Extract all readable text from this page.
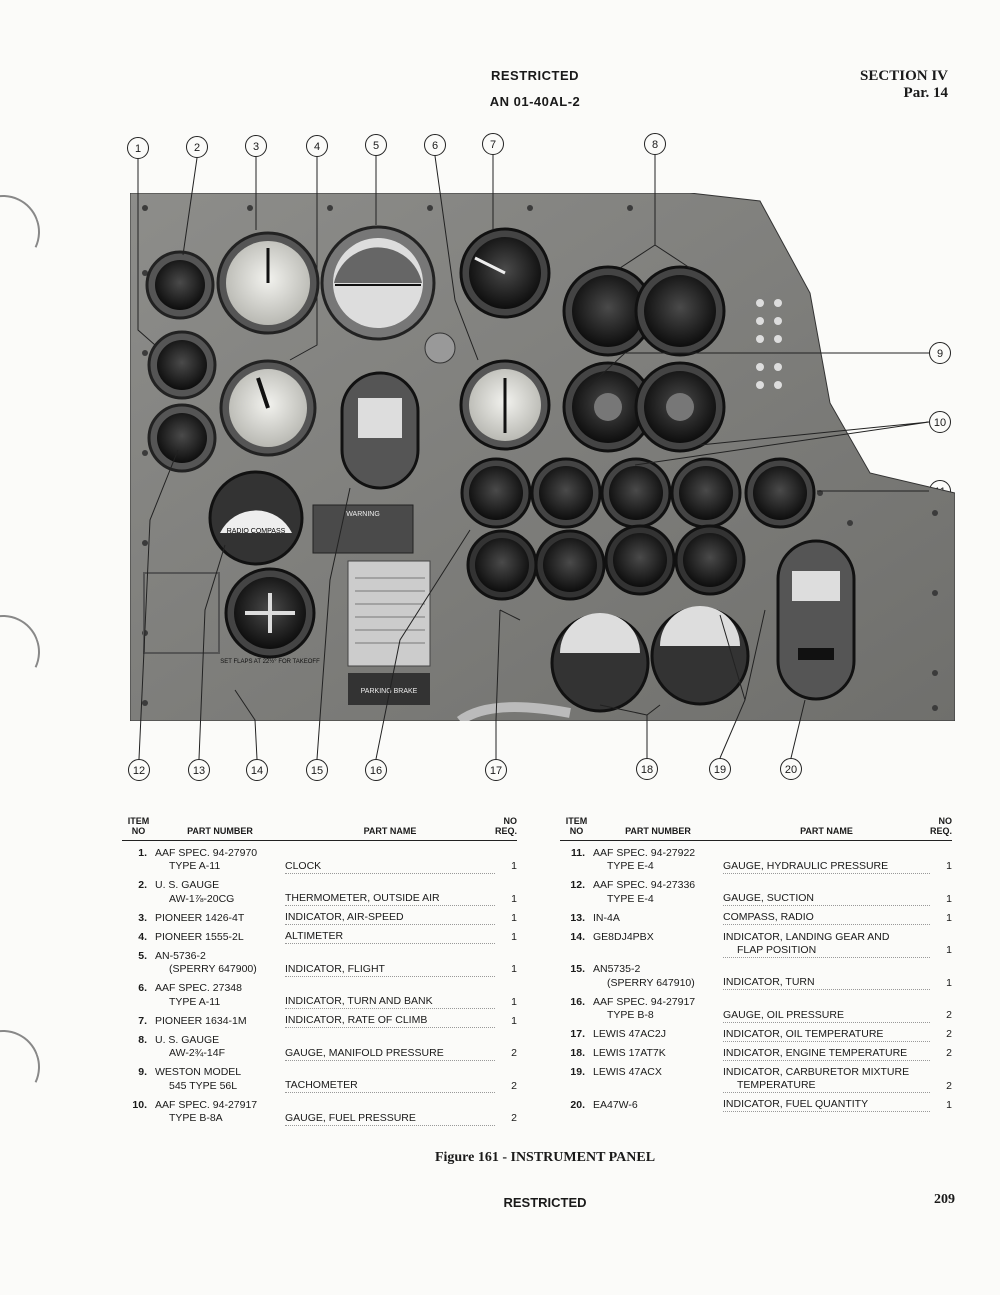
RESTRICTED
AN 01-40AL-2
SECTION IV
Par. 14
1	2	3	4	5	6	7	8
9
10
12	13	14	15	16	17	18	19	20
RADIO COMPASS
SET FLAPS AT 22½° FOR TAKEOFF
WARNING
PARKING BRAKE
ITEM NO	PART NUMBER	PART NAME	NO REQ.
1.	AAF SPEC. 94-27970		
	TYPE A-11	CLOCK	1
2.	U. S. GAUGE		
	AW-1⅞-20CG	THERMOMETER, OUTSIDE AIR	1
3.	PIONEER 1426-4T	INDICATOR, AIR-SPEED	1
4.	PIONEER 1555-2L	ALTIMETER	1
5.	AN-5736-2		
	(SPERRY 647900)	INDICATOR, FLIGHT	1
6.	AAF SPEC. 27348		
	TYPE A-11	INDICATOR, TURN AND BANK	1
7.	PIONEER 1634-1M	INDICATOR, RATE OF CLIMB	1
8.	U. S. GAUGE		
	AW-2¾-14F	GAUGE, MANIFOLD PRESSURE	2
9.	WESTON MODEL		
	545 TYPE 56L	TACHOMETER	2
10.	AAF SPEC. 94-27917		
	TYPE B-8A	GAUGE, FUEL PRESSURE	2
ITEM NO	PART NUMBER	PART NAME	NO REQ.
11.	AAF SPEC. 94-27922		
	TYPE E-4	GAUGE, HYDRAULIC PRESSURE	1
12.	AAF SPEC. 94-27336		
	TYPE E-4	GAUGE, SUCTION	1
13.	IN-4A	COMPASS, RADIO	1
14.	GE8DJ4PBX	INDICATOR, LANDING GEAR AND	
		FLAP POSITION	1
15.	AN5735-2		
	(SPERRY 647910)	INDICATOR, TURN	1
16.	AAF SPEC. 94-27917		
	TYPE B-8	GAUGE, OIL PRESSURE	2
17.	LEWIS 47AC2J	INDICATOR, OIL TEMPERATURE	2
18.	LEWIS 17AT7K	INDICATOR, ENGINE TEMPERATURE	2
19.	LEWIS 47ACX	INDICATOR, CARBURETOR MIXTURE	
		TEMPERATURE	2
20.	EA47W-6	INDICATOR, FUEL QUANTITY	1
Figure 161 - INSTRUMENT PANEL
RESTRICTED	209
